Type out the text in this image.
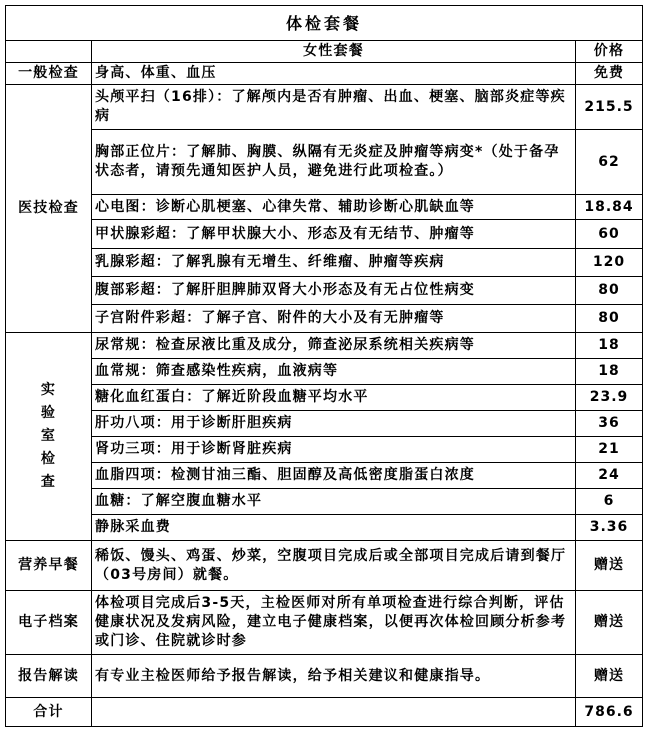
体检套餐		
	女性套餐	价格
一般检查	身高、体重、血压	免费
医技检查	头颅平扫（16排）：了解颅内是否有肿瘤、出血、梗塞、脑部炎症等疾病	215.5
	胸部正位片：了解肺、胸膜、纵隔有无炎症及肿瘤等病变*（处于备孕状态者，请预先通知医护人员，避免进行此项检查。）	62
	心电图：诊断心肌梗塞、心律失常、辅助诊断心肌缺血等	18.84
	甲状腺彩超：了解甲状腺大小、形态及有无结节、肿瘤等	60
	乳腺彩超：了解乳腺有无增生、纤维瘤、肿瘤等疾病	120
	腹部彩超：了解肝胆脾肺双肾大小形态及有无占位性病变	80
	子宫附件彩超：了解子宫、附件的大小及有无肿瘤等	80

实
验
室
检
查	尿常规：检查尿液比重及成分，筛查泌尿系统相关疾病等	18
	血常规：筛查感染性疾病，血液病等	18
	糖化血红蛋白：了解近阶段血糖平均水平	23.9
	肝功八项：用于诊断肝胆疾病	36
	肾功三项：用于诊断肾脏疾病	21
	血脂四项：检测甘油三酯、胆固醇及高低密度脂蛋白浓度	24
	血糖：了解空腹血糖水平	6
	静脉采血费	3.36
营养早餐	稀饭、馒头、鸡蛋、炒菜，空腹项目完成后或全部项目完成后请到餐厅（03号房间）就餐。	赠送
电子档案	体检项目完成后3-5天，主检医师对所有单项检查进行综合判断，评估健康状况及发病风险，建立电子健康档案，以便再次体检回顾分析参考或门诊、住院就诊时参	赠送
报告解读	有专业主检医师给予报告解读，给予相关建议和健康指导。	赠送
合计		786.6
